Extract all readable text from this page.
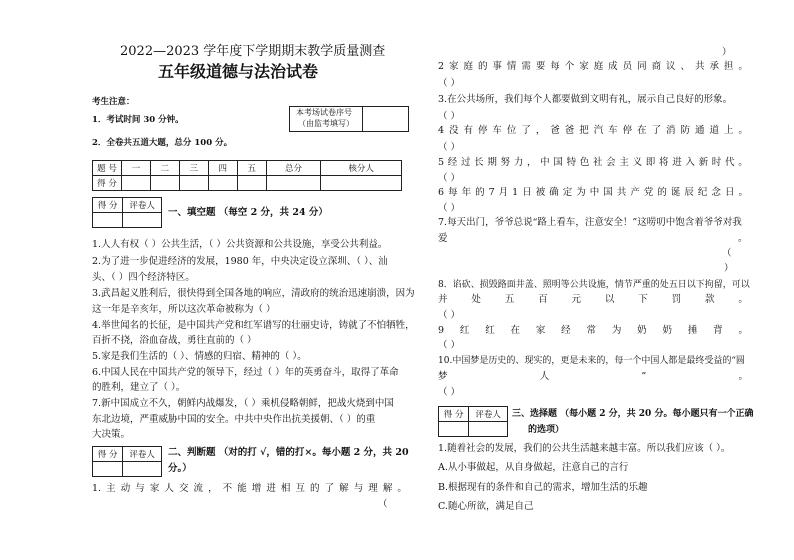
2022—2023 学年度下学期期末教学质量测查
五年级道德与法治试卷
考生注意：
1．考试时间 30 分钟。
2．全卷共五道大题，总分 100 分。
本考场试卷序号
（由监考填写）
题 号	一	二	三	四	五	总分	核分人
得 分							
得 分	评卷人

一、填空题 （每空 2 分，共 24 分）
1.人人有权（ ）公共生活，（ ）公共资源和公共设施，享受公共利益。
2.为了进一步促进经济的发展，1980 年，中央决定设立深圳、（ ）、汕
头、（ ）四个经济特区。
3.武昌起义胜利后，很快得到全国各地的响应，清政府的统治迅速崩溃，因为
这一年是辛亥年，所以这次革命被称为（ ）
4.举世闻名的长征，是中国共产党和红军谱写的壮丽史诗，铸就了不怕牺牲，
百折不挠，浴血奋战，勇往直前的（ ）
5.家是我们生活的（ ）、情感的归宿、精神的（ ）。
6.中国人民在中国共产党的领导下，经过（ ）年的英勇奋斗，取得了革命
的胜利，建立了（ ）。
7.新中国成立不久，朝鲜内战爆发，（ ）乘机侵略朝鲜，把战火烧到中国
东北边境，严重威胁中国的安全。中共中央作出抗美援朝、（ ）的重
大决策。
得 分	评卷人
	二、判断题 （对的打 √，错的打×。每小题 2 分，共 20
分。）
1. 主 动 与 家 人 交 流 ， 不 能 增 进 相 互 的 了 解 与 理 解 。
（
）
2 家 庭 的 事 情 需 要 每 个 家 庭 成 员 同 商 议 、 共 承 担 。
（ ）
3.在公共场所，我们每个人都要做到文明有礼，展示自己良好的形象。
（ ）
4 没 有 停 车 位 了 ， 爸 爸 把 汽 车 停 在 了 消 防 通 道 上 。
（ ）
5 经 过 长 期 努 力 ， 中 国 特 色 社 会 主 义 即 将 进 入 新 时 代 。
（ ）
6 每 年 的 7 月 1 日 被 确 定 为 中 国 共 产 党 的 诞 辰 纪 念 日 。
（ ）
7.每天出门，爷爷总说“路上看车，注意安全！”这唠叨中饱含着爷爷对我
爱	。
（
）
8．谄砍、损毁路面井盖、照明等公共设施，情节严重的处五日以下拘留，可以
并	处	五	百	元	以	下	罚	款	。
（ ）
9 红 红 在 家 经 常 为 奶 奶 捶 背 。
（ ）
10.中国梦是历史的、现实的，更是未来的，每一个中国人都是最终受益的“圆
梦	人	”	。
（ ）
得 分	评卷人
	三、选择题 （每小题 2 分，共 20 分。每小题只有一个正确
的选项）
1.随着社会的发展，我们的公共生活越来越丰富。所以我们应该（ ）。
A.从小事做起，从自身做起，注意自己的言行
B.根据现有的条件和自己的需求，增加生活的乐趣
C.随心所欲，满足自己
